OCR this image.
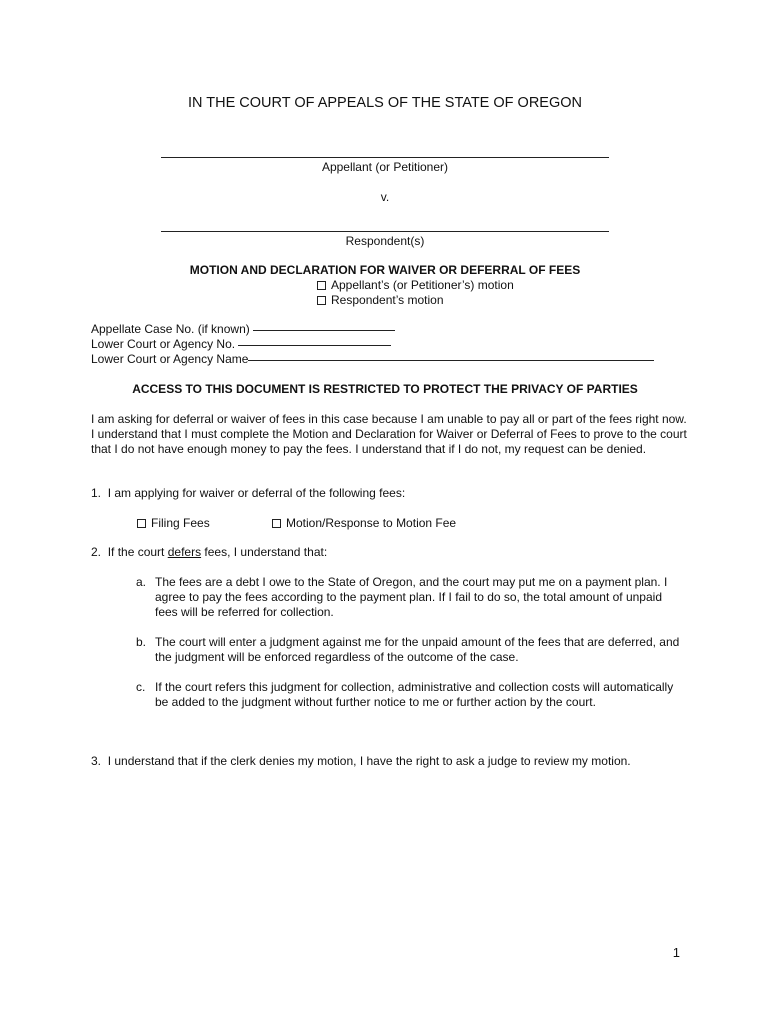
IN THE COURT OF APPEALS OF THE STATE OF OREGON
Appellant (or Petitioner)
v.
Respondent(s)
MOTION AND DECLARATION FOR WAIVER OR DEFERRAL OF FEES
Appellant’s (or Petitioner’s) motion
Respondent’s motion
Appellate Case No. (if known)
Lower Court or Agency No.
Lower Court or Agency Name
ACCESS TO THIS DOCUMENT IS RESTRICTED TO PROTECT THE PRIVACY OF PARTIES
I am asking for deferral or waiver of fees in this case because I am unable to pay all or part of the fees right now. I understand that I must complete the Motion and Declaration for Waiver or Deferral of Fees to prove to the court that I do not have enough money to pay the fees. I understand that if I do not, my request can be denied.
1. I am applying for waiver or deferral of the following fees:
Filing Fees	Motion/Response to Motion Fee
2. If the court defers fees, I understand that:
a. The fees are a debt I owe to the State of Oregon, and the court may put me on a payment plan. I agree to pay the fees according to the payment plan. If I fail to do so, the total amount of unpaid fees will be referred for collection.
b. The court will enter a judgment against me for the unpaid amount of the fees that are deferred, and the judgment will be enforced regardless of the outcome of the case.
c. If the court refers this judgment for collection, administrative and collection costs will automatically be added to the judgment without further notice to me or further action by the court.
3. I understand that if the clerk denies my motion, I have the right to ask a judge to review my motion.
1
